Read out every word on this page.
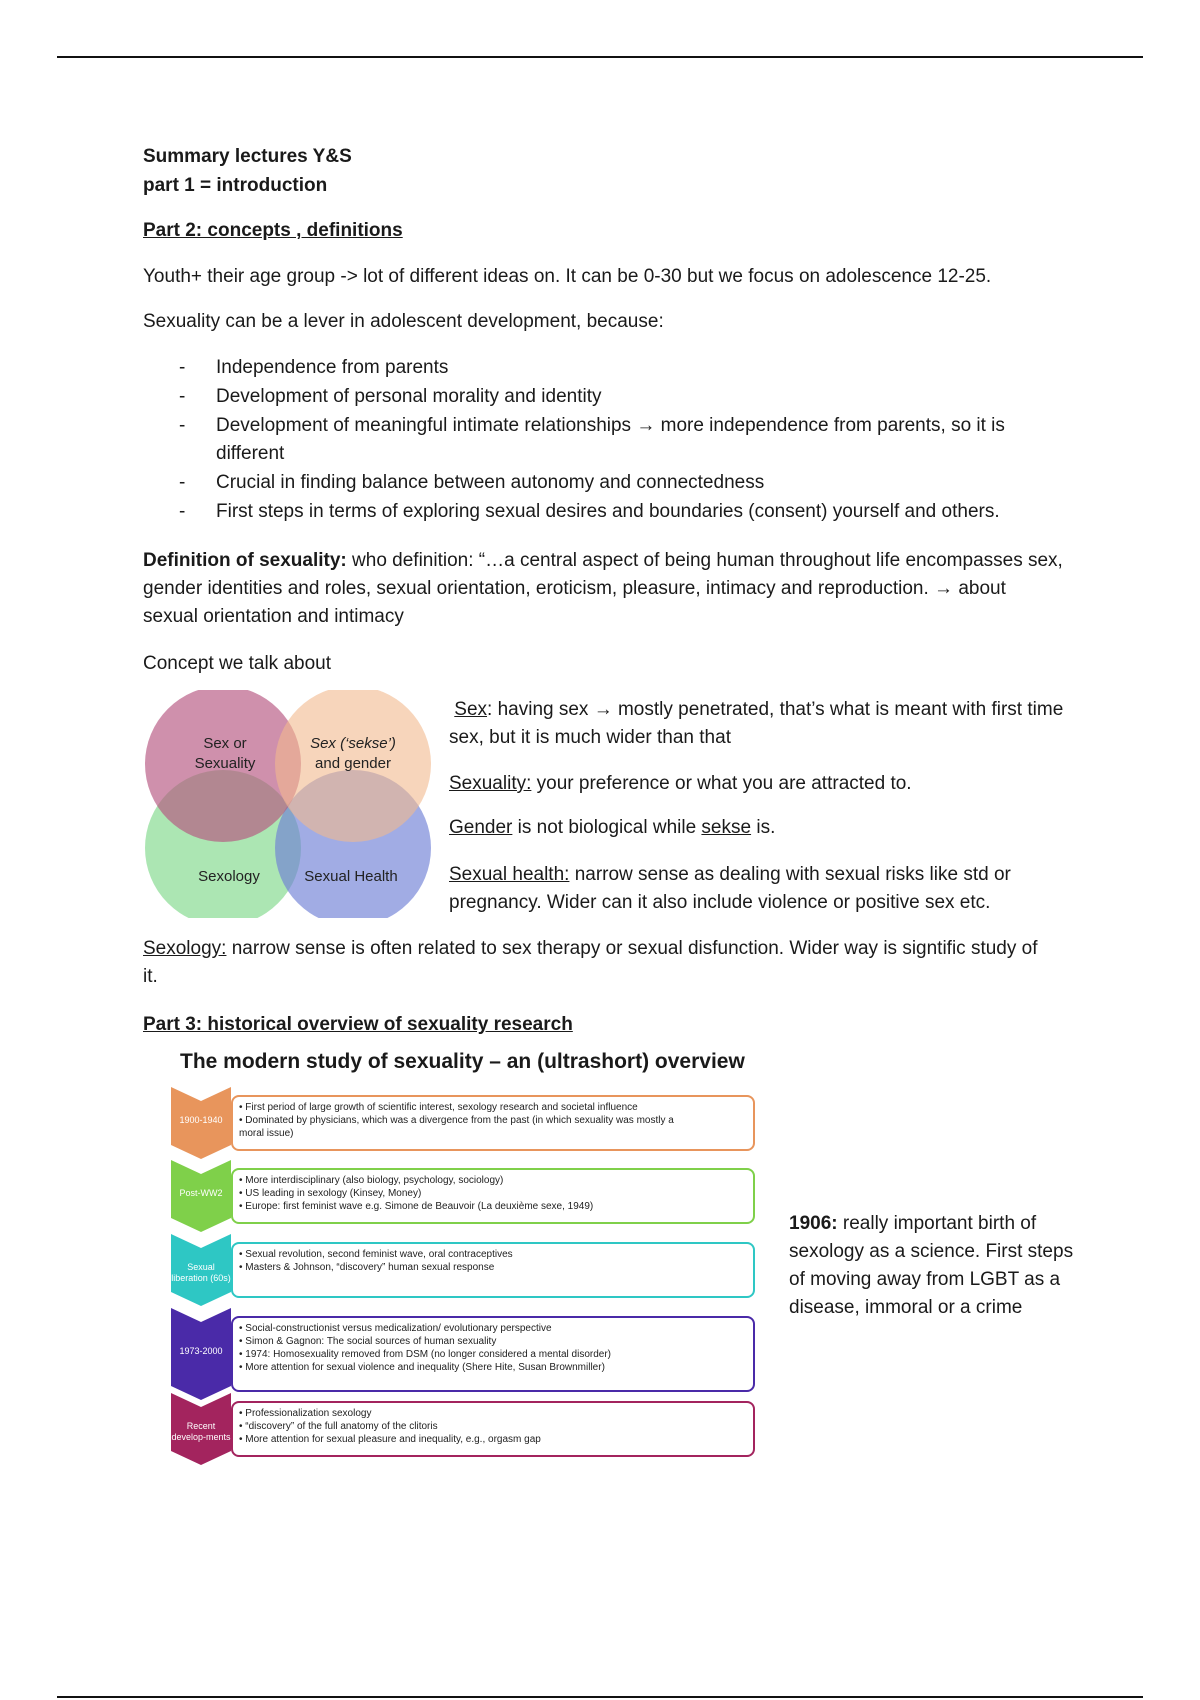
Summary lectures Y&S

part 1 = introduction

Part 2: concepts , definitions

Youth+ their age group -> lot of different ideas on. It can be 0-30 but we focus on adolescence 12-25.

Sexuality can be a lever in adolescent development, because:

- Independence from parents
- Development of personal morality and identity
- Development of meaningful intimate relationships → more independence from parents, so it is different
- Crucial in finding balance between autonomy and connectedness
- First steps in terms of exploring sexual desires and boundaries (consent) yourself and others.

Definition of sexuality: who definition: “…a central aspect of being human throughout life encompasses sex, gender identities and roles, sexual orientation, eroticism, pleasure, intimacy and reproduction. → about sexual orientation and intimacy

Concept we talk about

Sex or
Sexuality
Sex (‘sekse’)
and gender
Sexology	Sexual Health

Sex: having sex → mostly penetrated, that’s what is meant with first time sex, but it is much wider than that

Sexuality: your preference or what you are attracted to.

Gender is not biological while sekse is.

Sexual health: narrow sense as dealing with sexual risks like std or pregnancy. Wider can it also include violence or positive sex etc.

Sexology: narrow sense is often related to sex therapy or sexual disfunction. Wider way is signtific study of it.

Part 3: historical overview of sexuality research

The modern study of sexuality – an (ultrashort) overview

1900-1940
• First period of large growth of scientific interest, sexology research and societal influence
• Dominated by physicians, which was a divergence from the past (in which sexuality was mostly a
moral issue)
Post-WW2
• More interdisciplinary (also biology, psychology, sociology)
• US leading in sexology (Kinsey, Money)
• Europe: first feminist wave e.g. Simone de Beauvoir (La deuxième sexe, 1949)
Sexual liberation (60s)
• Sexual revolution, second feminist wave, oral contraceptives
• Masters & Johnson, “discovery” human sexual response
1973-2000
• Social-constructionist versus medicalization/ evolutionary perspective
• Simon & Gagnon: The social sources of human sexuality
• 1974: Homosexuality removed from DSM (no longer considered a mental disorder)
• More attention for sexual violence and inequality (Shere Hite, Susan Brownmiller)
Recent develop-ments
• Professionalization sexology
• “discovery” of the full anatomy of the clitoris
• More attention for sexual pleasure and inequality, e.g., orgasm gap

1906: really important birth of sexology as a science. First steps of moving away from LGBT as a disease, immoral or a crime
